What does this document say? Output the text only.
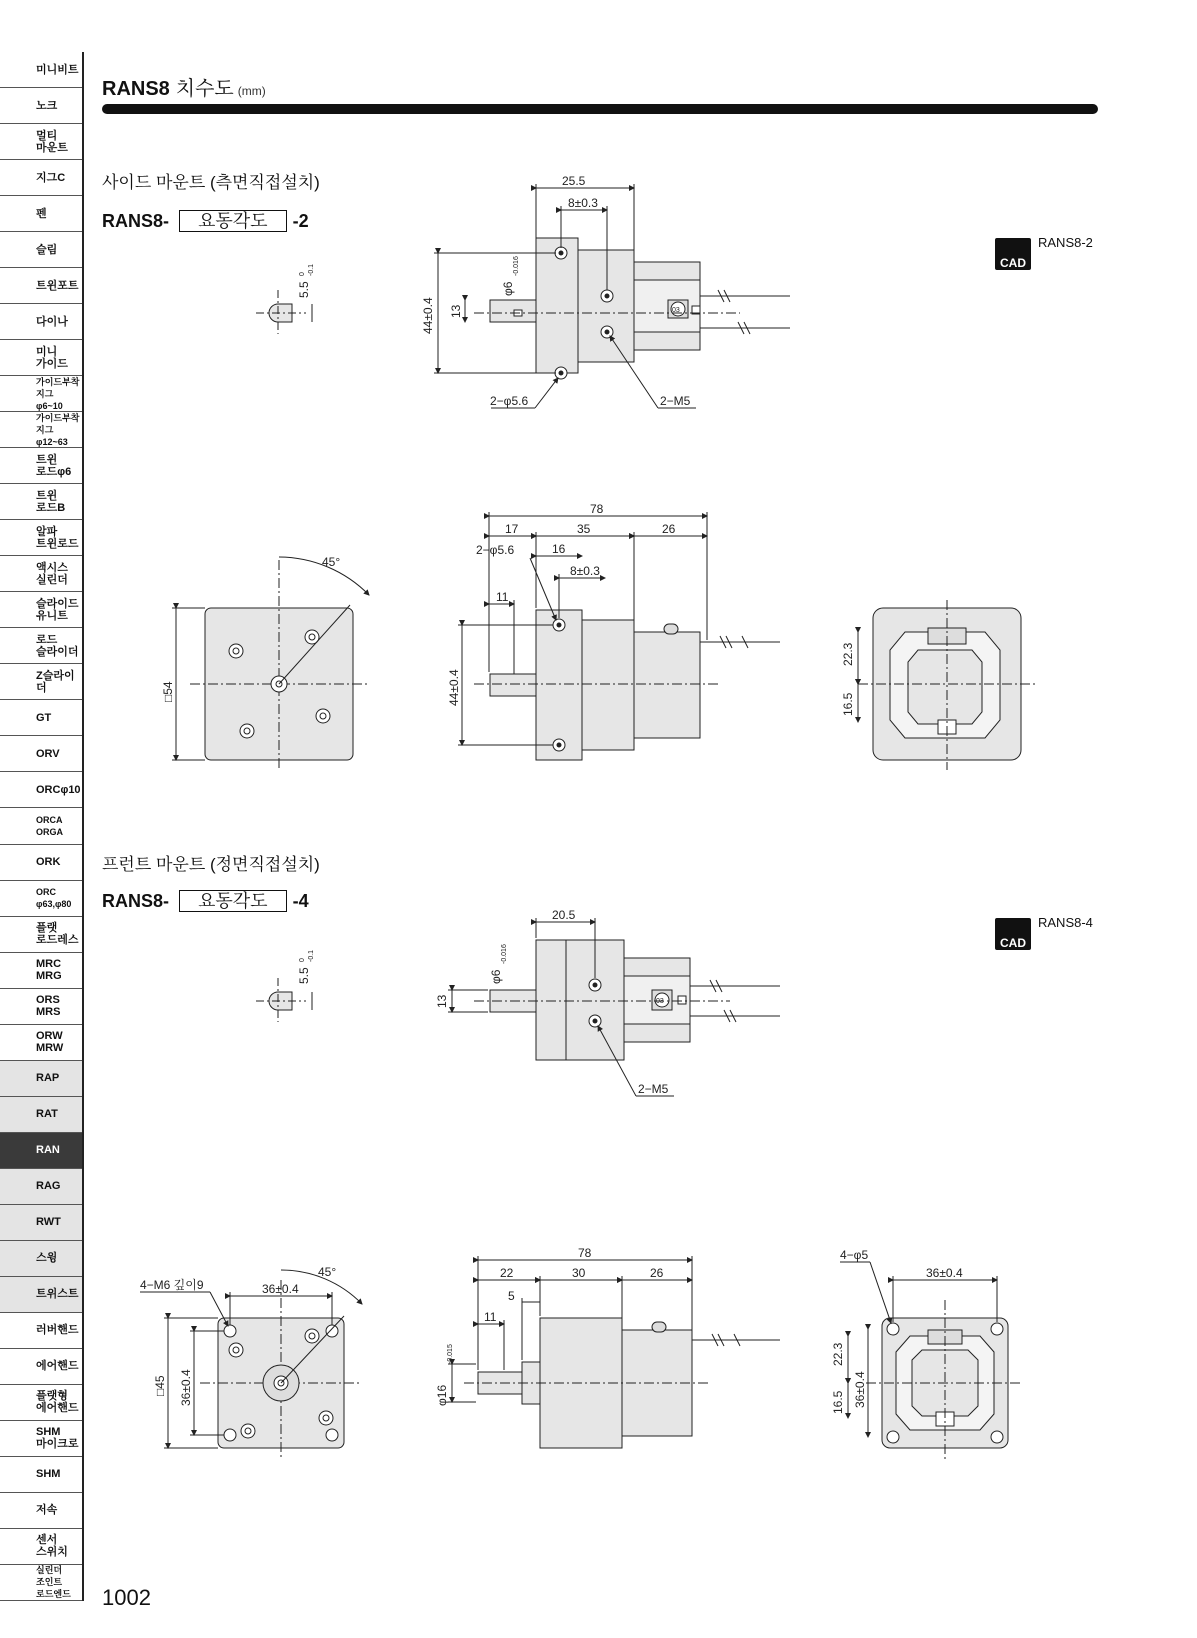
미니비트
노크
멀티
마운트
지그C
펜
슬림
트윈포트
다이나
미니
가이드
가이드부착지그
φ6~10
가이드부착지그
φ12~63
트윈
로드φ6
트윈
로드B
알파
트윈로드
액시스
실린더
슬라이드
유니트
로드
슬라이더
Z슬라이더
GT
ORV
ORCφ10
ORCA
ORGA
ORK
ORC
φ63,φ80
플랫
로드레스
MRC
MRG
ORS
MRS
ORW
MRW
RAP
RAT
RAN
RAG
RWT
스윙
트위스트
러버핸드
에어핸드
플랫형
에어핸드
SHM
마이크로
SHM
저속
센서
스위치
실린더
조인트
로드엔드
RANS8 치수도 (mm)
사이드 마운트 (측면직접설치)
RANS8-	요동각도	-2
CAD
RANS8-2
프런트 마운트 (정면직접설치)
RANS8-	요동각도	-4
CAD
RANS8-4
5.5
0 -0.1
03
25.5
8±0.3
44±0.4 13
φ6
-0.016
2−φ5.6	2−M5
45°
□54
78
17	35	26
16
8±0.3
2−φ5.6
11
44±0.4
22.3
16.5
5.5
0 -0.1
03
20.5
13
φ6
-0.016
2−M5
45°
36±0.4
4−M6 깊이9
□45 36±0.4
78
22	30	26
5
11
φ16
-0.015
36±0.4
4−φ5
22.3
16.5 36±0.4
1002
